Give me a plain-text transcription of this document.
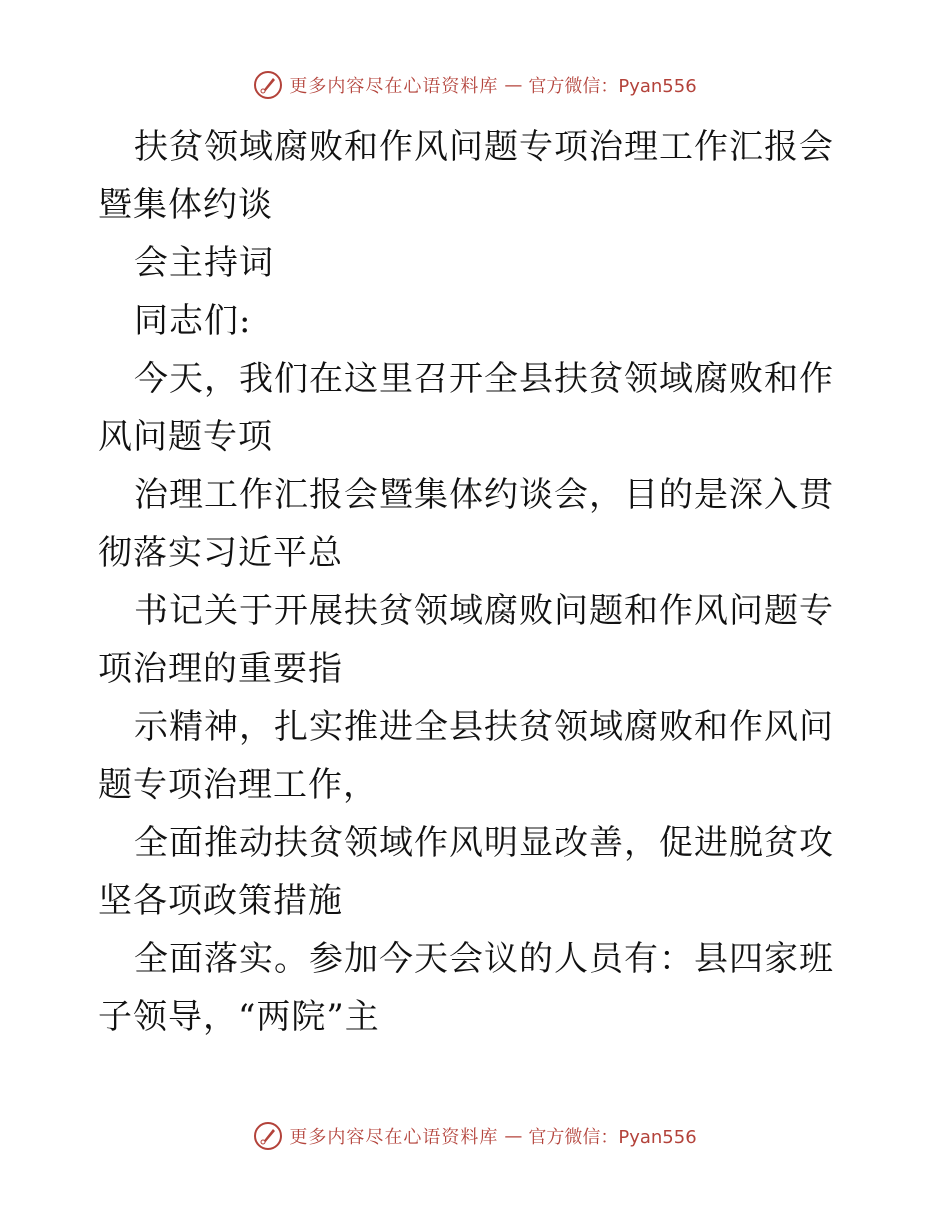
更多内容尽在心语资料库 — 官方微信：Pyan556

扶贫领域腐败和作风问题专项治理工作汇报会暨集体约谈

会主持词

同志们:

今天，我们在这里召开全县扶贫领域腐败和作风问题专项

治理工作汇报会暨集体约谈会，目的是深入贯彻落实习近平总

书记关于开展扶贫领域腐败问题和作风问题专项治理的重要指

示精神，扎实推进全县扶贫领域腐败和作风问题专项治理工作，

全面推动扶贫领域作风明显改善，促进脱贫攻坚各项政策措施

全面落实。参加今天会议的人员有：县四家班子领导，“两院”主

更多内容尽在心语资料库 — 官方微信：Pyan556
